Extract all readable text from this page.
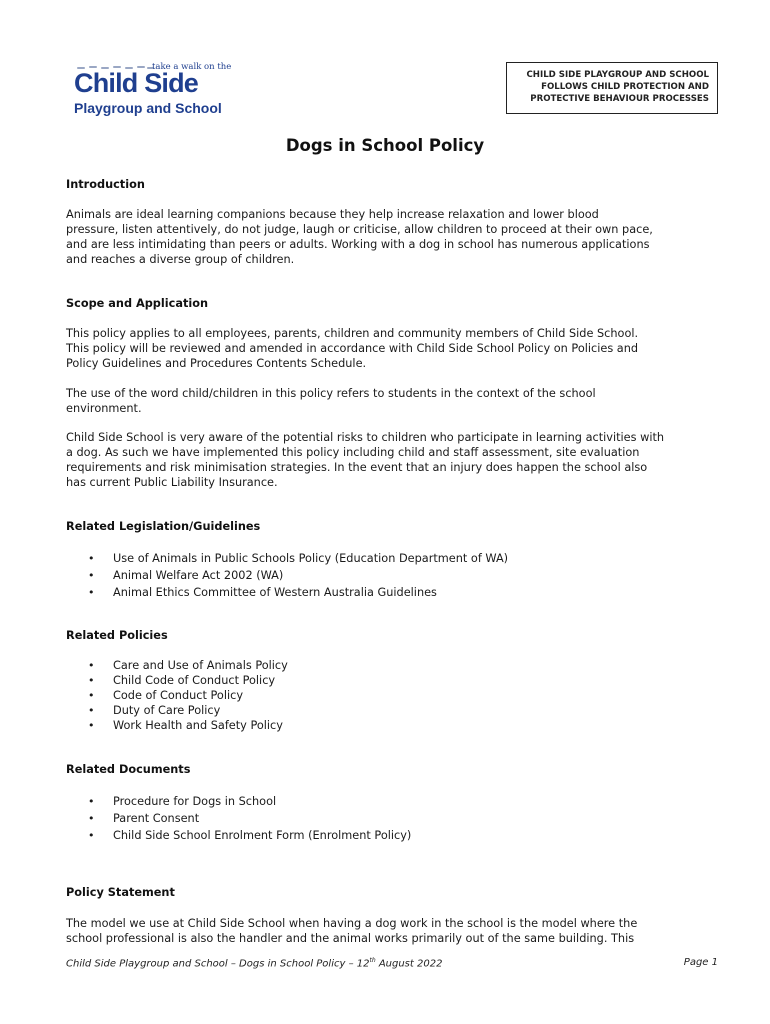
take a walk on the
Child Side
Playgroup and School
CHILD SIDE PLAYGROUP AND SCHOOL
FOLLOWS CHILD PROTECTION AND
PROTECTIVE BEHAVIOUR PROCESSES
Dogs in School Policy
Introduction
Animals are ideal learning companions because they help increase relaxation and lower blood
pressure, listen attentively, do not judge, laugh or criticise, allow children to proceed at their own pace,
and are less intimidating than peers or adults. Working with a dog in school has numerous applications
and reaches a diverse group of children.
Scope and Application
This policy applies to all employees, parents, children and community members of Child Side School.
This policy will be reviewed and amended in accordance with Child Side School Policy on Policies and
Policy Guidelines and Procedures Contents Schedule.
The use of the word child/children in this policy refers to students in the context of the school
environment.
Child Side School is very aware of the potential risks to children who participate in learning activities with
a dog. As such we have implemented this policy including child and staff assessment, site evaluation
requirements and risk minimisation strategies. In the event that an injury does happen the school also
has current Public Liability Insurance.
Related Legislation/Guidelines
• Use of Animals in Public Schools Policy (Education Department of WA)
• Animal Welfare Act 2002 (WA)
• Animal Ethics Committee of Western Australia Guidelines
Related Policies
• Care and Use of Animals Policy
• Child Code of Conduct Policy
• Code of Conduct Policy
• Duty of Care Policy
• Work Health and Safety Policy
Related Documents
• Procedure for Dogs in School
• Parent Consent
• Child Side School Enrolment Form (Enrolment Policy)
Policy Statement
The model we use at Child Side School when having a dog work in the school is the model where the
school professional is also the handler and the animal works primarily out of the same building. This
Child Side Playgroup and School – Dogs in School Policy – 12th August 2022	Page 1
